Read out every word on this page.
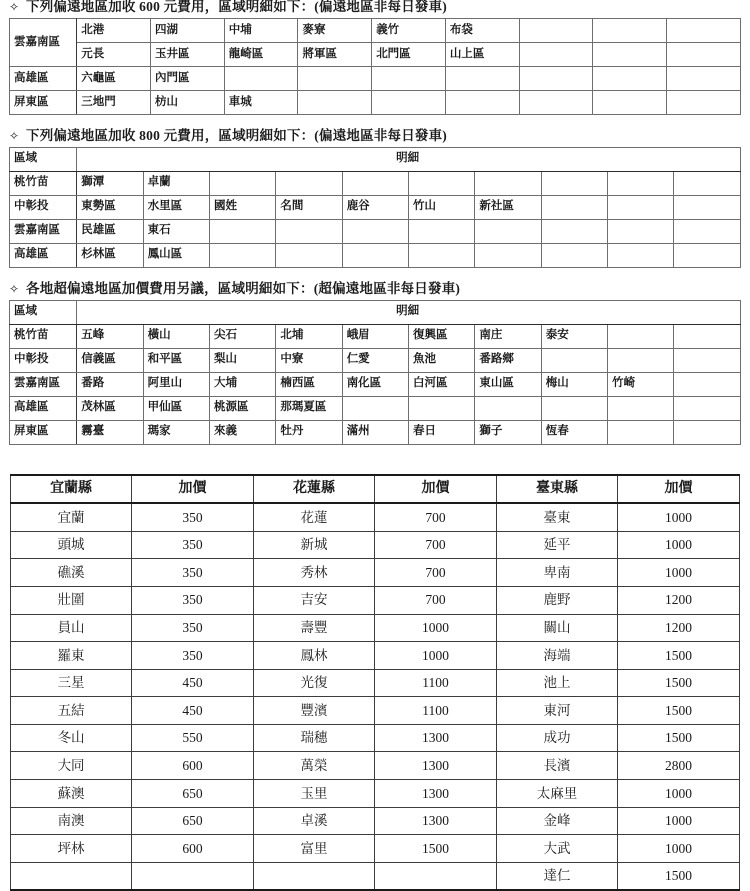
✧ 下列偏遠地區加收 600 元費用，區域明細如下：(偏遠地區非每日發車)
雲嘉南區	北港	四湖	中埔	麥寮	義竹	布袋			
	元長	玉井區	龍崎區	將軍區	北門區	山上區			
高雄區	六龜區	內門區							
屏東區	三地門	枋山	車城						
✧ 下列偏遠地區加收 800 元費用，區域明細如下：(偏遠地區非每日發車)
區域	明細									
桃竹苗	獅潭	卓蘭								
中彰投	東勢區	水里區	國姓	名間	鹿谷	竹山	新社區			
雲嘉南區	民雄區	東石								
高雄區	杉林區	鳳山區								
✧ 各地超偏遠地區加價費用另議，區域明細如下：(超偏遠地區非每日發車)
區域	明細									
桃竹苗	五峰	橫山	尖石	北埔	峨眉	復興區	南庄	泰安		
中彰投	信義區	和平區	梨山	中寮	仁愛	魚池	番路鄉			
雲嘉南區	番路	阿里山	大埔	楠西區	南化區	白河區	東山區	梅山	竹崎	
高雄區	茂林區	甲仙區	桃源區	那瑪夏區						
屏東區	霧臺	瑪家	來義	牡丹	滿州	春日	獅子	恆春		
宜蘭縣	加價	花蓮縣	加價	臺東縣	加價
宜蘭	350	花蓮	700	臺東	1000
頭城	350	新城	700	延平	1000
礁溪	350	秀林	700	卑南	1000
壯圍	350	吉安	700	鹿野	1200
員山	350	壽豐	1000	關山	1200
羅東	350	鳳林	1000	海端	1500
三星	450	光復	1100	池上	1500
五結	450	豐濱	1100	東河	1500
冬山	550	瑞穗	1300	成功	1500
大同	600	萬榮	1300	長濱	2800
蘇澳	650	玉里	1300	太麻里	1000
南澳	650	卓溪	1300	金峰	1000
坪林	600	富里	1500	大武	1000
				達仁	1500
